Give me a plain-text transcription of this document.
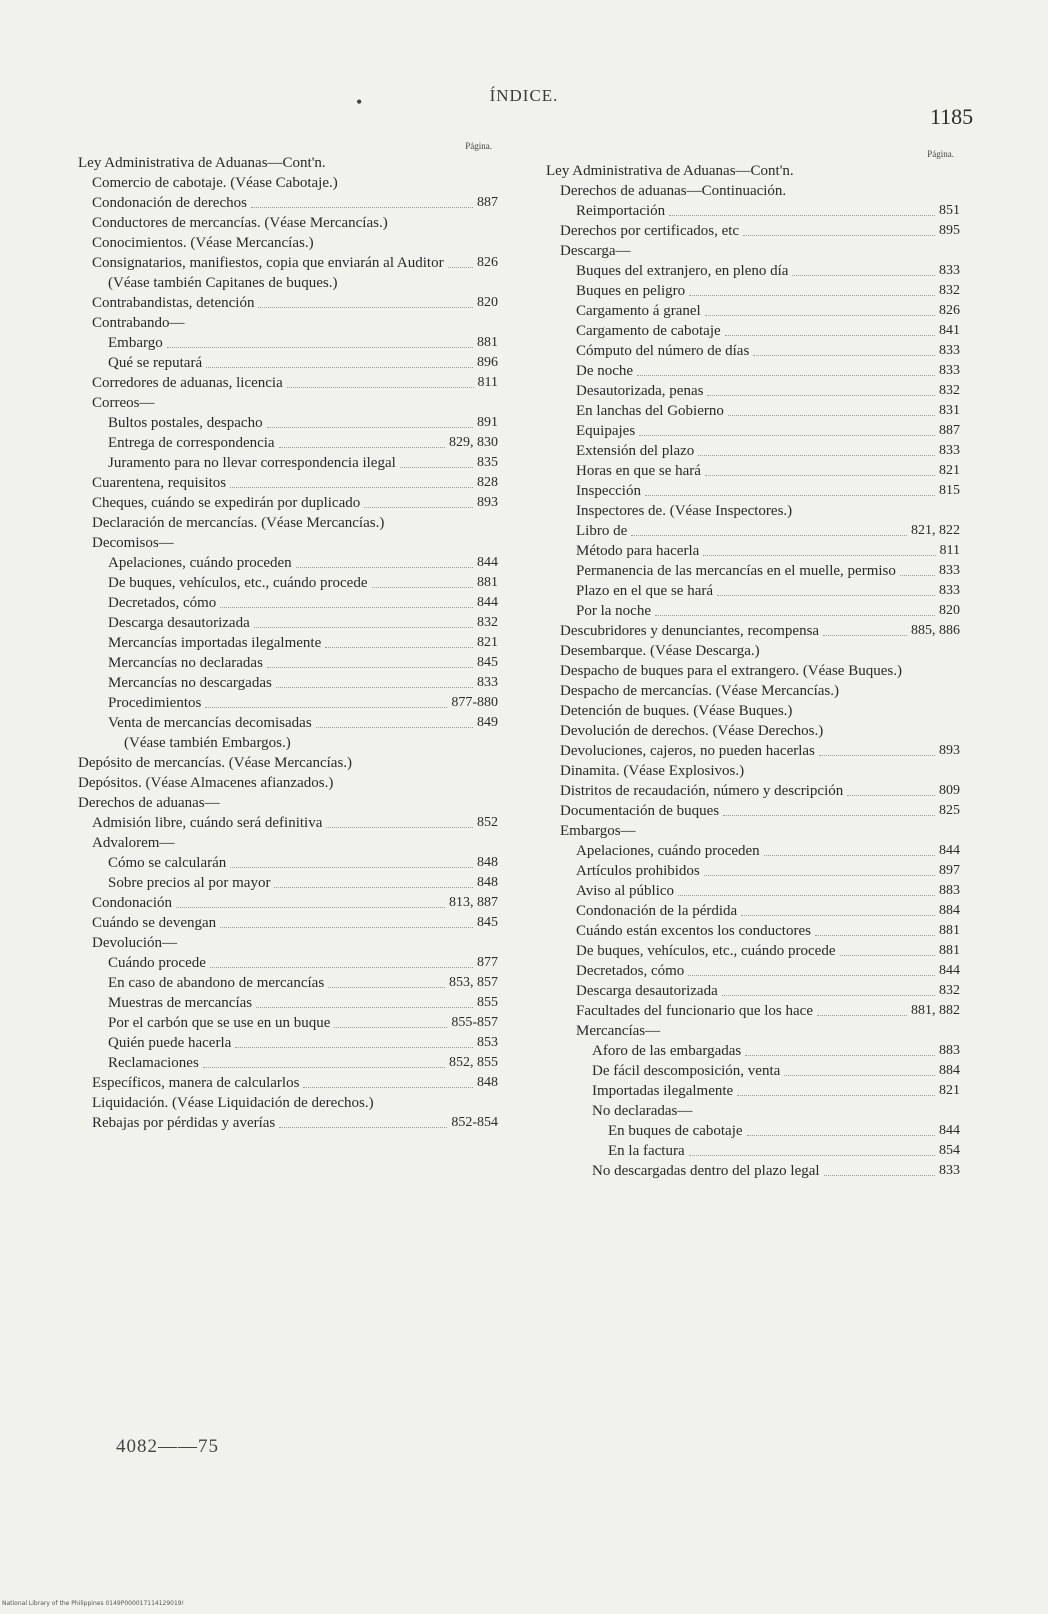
•	ÍNDICE.
1185
Página.
Ley Administrativa de Aduanas—Cont'n.
Comercio de cabotaje. (Véase Cabotaje.)
Condonación de derechos	887
Conductores de mercancías. (Véase Mercancías.)
Conocimientos. (Véase Mercancías.)
Consignatarios, manifiestos, copia que enviarán al Auditor 826
(Véase también Capitanes de buques.)
Contrabandistas, detención	820
Contrabando—
Embargo	881
Qué se reputará	896
Corredores de aduanas, licencia	811
Correos—
Bultos postales, despacho	891
Entrega de correspondencia	829, 830
Juramento para no llevar correspondencia ilegal	835
Cuarentena, requisitos	828
Cheques, cuándo se expedirán por duplicado	893
Declaración de mercancías. (Véase Mercancías.)
Decomisos—
Apelaciones, cuándo proceden	844
De buques, vehículos, etc., cuándo procede	881
Decretados, cómo	844
Descarga desautorizada	832
Mercancías importadas ilegalmente	821
Mercancías no declaradas	845
Mercancías no descargadas	833
Procedimientos	877-880
Venta de mercancías decomisadas	849
(Véase también Embargos.)
Depósito de mercancías. (Véase Mercancías.)
Depósitos. (Véase Almacenes afianzados.)
Derechos de aduanas—
Admisión libre, cuándo será definitiva	852
Advalorem—
Cómo se calcularán	848
Sobre precios al por mayor	848
Condonación	813, 887
Cuándo se devengan	845
Devolución—
Cuándo procede	877
En caso de abandono de mercancías	853, 857
Muestras de mercancías	855
Por el carbón que se use en un buque	855-857
Quién puede hacerla	853
Reclamaciones	852, 855
Específicos, manera de calcularlos	848
Liquidación. (Véase Liquidación de derechos.)
Rebajas por pérdidas y averías	852-854
Página.
Ley Administrativa de Aduanas—Cont'n.
Derechos de aduanas—Continuación.
Reimportación	851
Derechos por certificados, etc	895
Descarga—
Buques del extranjero, en pleno día	833
Buques en peligro	832
Cargamento á granel	826
Cargamento de cabotaje	841
Cómputo del número de días	833
De noche	833
Desautorizada, penas	832
En lanchas del Gobierno	831
Equipajes	887
Extensión del plazo	833
Horas en que se hará	821
Inspección	815
Inspectores de. (Véase Inspectores.)
Libro de	821, 822
Método para hacerla	811
Permanencia de las mercancías en el muelle, permiso	833
Plazo en el que se hará	833
Por la noche	820
Descubridores y denunciantes, recompensa	885, 886
Desembarque. (Véase Descarga.)
Despacho de buques para el extrangero. (Véase Buques.)
Despacho de mercancías. (Véase Mercancías.)
Detención de buques. (Véase Buques.)
Devolución de derechos. (Véase Derechos.)
Devoluciones, cajeros, no pueden hacerlas	893
Dinamita. (Véase Explosivos.)
Distritos de recaudación, número y descripción	809
Documentación de buques	825
Embargos—
Apelaciones, cuándo proceden	844
Artículos prohibidos	897
Aviso al público	883
Condonación de la pérdida	884
Cuándo están excentos los conductores	881
De buques, vehículos, etc., cuándo procede	881
Decretados, cómo	844
Descarga desautorizada	832
Facultades del funcionario que los hace	881, 882
Mercancías—
Aforo de las embargadas	883
De fácil descomposición, venta	884
Importadas ilegalmente	821
No declaradas—
En buques de cabotaje	844
En la factura	854
No descargadas dentro del plazo legal	833
4082——75
National Library of the Philippines 0149P000017114129019!
